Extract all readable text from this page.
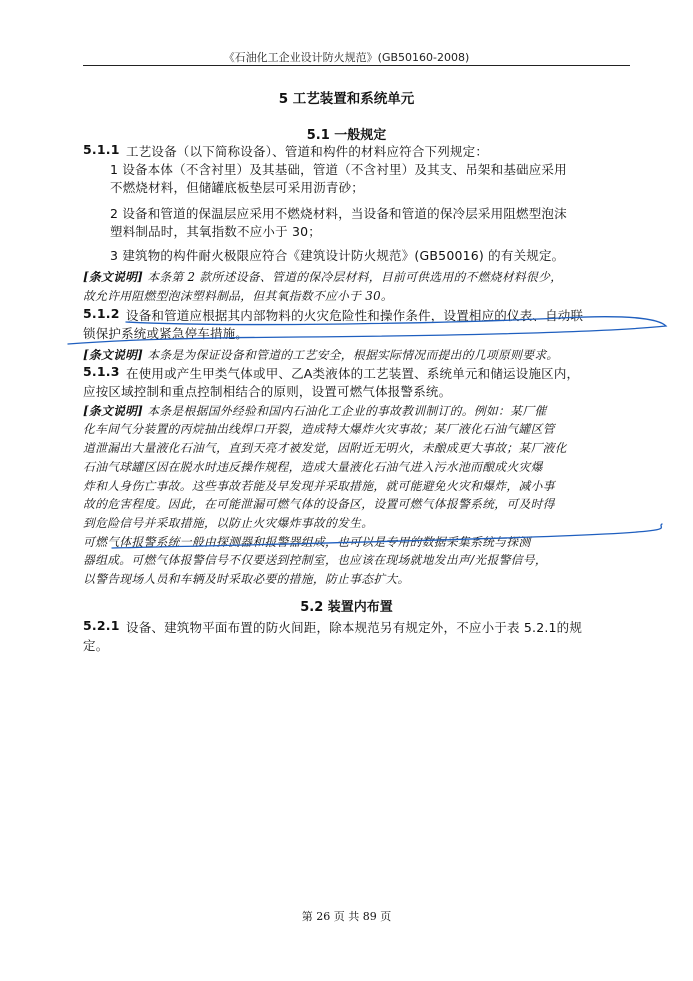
《石油化工企业设计防火规范》(GB50160-2008)
5 工艺装置和系统单元
5.1 一般规定
5.1.1 工艺设备（以下简称设备）、管道和构件的材料应符合下列规定：
1 设备本体（不含衬里）及其基础，管道（不含衬里）及其支、吊架和基础应采用
不燃烧材料，但储罐底板垫层可采用沥青砂；
2 设备和管道的保温层应采用不燃烧材料，当设备和管道的保冷层采用阻燃型泡沫
塑料制品时，其氧指数不应小于 30；
3 建筑物的构件耐火极限应符合《建筑设计防火规范》(GB50016) 的有关规定。
[条文说明] 本条第 2 款所述设备、管道的保冷层材料，目前可供选用的不燃烧材料很少，
故允许用阻燃型泡沫塑料制品，但其氧指数不应小于 30。
5.1.2 设备和管道应根据其内部物料的火灾危险性和操作条件，设置相应的仪表、自动联
锁保护系统或紧急停车措施。
[条文说明] 本条是为保证设备和管道的工艺安全，根据实际情况而提出的几项原则要求。
5.1.3 在使用或产生甲类气体或甲、乙A类液体的工艺装置、系统单元和储运设施区内，
应按区域控制和重点控制相结合的原则，设置可燃气体报警系统。
[条文说明] 本条是根据国外经验和国内石油化工企业的事故教训制订的。例如：某厂催
化车间气分装置的丙烷抽出线焊口开裂，造成特大爆炸火灾事故；某厂液化石油气罐区管
道泄漏出大量液化石油气，直到天亮才被发觉，因附近无明火，未酿成更大事故；某厂液化
石油气球罐区因在脱水时违反操作规程，造成大量液化石油气进入污水池而酿成火灾爆
炸和人身伤亡事故。这些事故若能及早发现并采取措施，就可能避免火灾和爆炸，减小事
故的危害程度。因此，在可能泄漏可燃气体的设备区，设置可燃气体报警系统，可及时得
到危险信号并采取措施，以防止火灾爆炸事故的发生。
可燃气体报警系统一般由探测器和报警器组成，也可以是专用的数据采集系统与探测
器组成。可燃气体报警信号不仅要送到控制室，也应该在现场就地发出声/光报警信号，
以警告现场人员和车辆及时采取必要的措施，防止事态扩大。
5.2 装置内布置
5.2.1 设备、建筑物平面布置的防火间距，除本规范另有规定外，不应小于表 5.2.1的规
定。
第 26 页 共 89 页
